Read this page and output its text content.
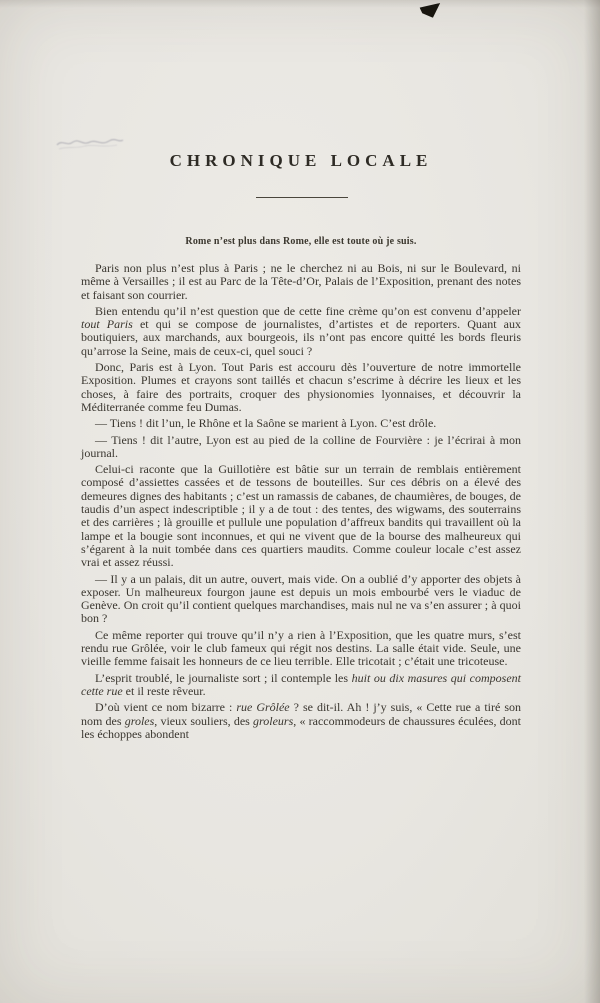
CHRONIQUE LOCALE

Rome n’est plus dans Rome, elle est toute où je suis.

Paris non plus n’est plus à Paris ; ne le cherchez ni au Bois, ni sur le Boulevard, ni même à Versailles ; il est au Parc de la Tête-d’Or, Palais de l’Exposition, prenant des notes et faisant son courrier.

Bien entendu qu’il n’est question que de cette fine crème qu’on est convenu d’appeler tout Paris et qui se compose de journalistes, d’artistes et de reporters. Quant aux boutiquiers, aux marchands, aux bourgeois, ils n’ont pas encore quitté les bords fleuris qu’arrose la Seine, mais de ceux-ci, quel souci ?

Donc, Paris est à Lyon. Tout Paris est accouru dès l’ouverture de notre immortelle Exposition. Plumes et crayons sont taillés et chacun s’escrime à décrire les lieux et les choses, à faire des portraits, croquer des physionomies lyonnaises, et découvrir la Méditerranée comme feu Dumas.

— Tiens ! dit l’un, le Rhône et la Saône se marient à Lyon. C’est drôle.

— Tiens ! dit l’autre, Lyon est au pied de la colline de Fourvière : je l’écrirai à mon journal.

Celui-ci raconte que la Guillotière est bâtie sur un terrain de remblais entièrement composé d’assiettes cassées et de tessons de bouteilles. Sur ces débris on a élevé des demeures dignes des habitants ; c’est un ramassis de cabanes, de chaumières, de bouges, de taudis d’un aspect indescriptible ; il y a de tout : des tentes, des wigwams, des souterrains et des carrières ; là grouille et pullule une population d’affreux bandits qui travaillent où la lampe et la bougie sont inconnues, et qui ne vivent que de la bourse des malheureux qui s’égarent à la nuit tombée dans ces quartiers maudits. Comme couleur locale c’est assez vrai et assez réussi.

— Il y a un palais, dit un autre, ouvert, mais vide. On a oublié d’y apporter des objets à exposer. Un malheureux fourgon jaune est depuis un mois embourbé vers le viaduc de Genève. On croit qu’il contient quelques marchandises, mais nul ne va s’en assurer ; à quoi bon ?

Ce même reporter qui trouve qu’il n’y a rien à l’Exposition, que les quatre murs, s’est rendu rue Grôlée, voir le club fameux qui régit nos destins. La salle était vide. Seule, une vieille femme faisait les honneurs de ce lieu terrible. Elle tricotait ; c’était une tricoteuse.

L’esprit troublé, le journaliste sort ; il contemple les huit ou dix masures qui composent cette rue et il reste rêveur.

D’où vient ce nom bizarre : rue Grôlée ? se dit-il. Ah ! j’y suis, « Cette rue a tiré son nom des groles, vieux souliers, des groleurs, « raccommodeurs de chaussures éculées, dont les échoppes abondent
